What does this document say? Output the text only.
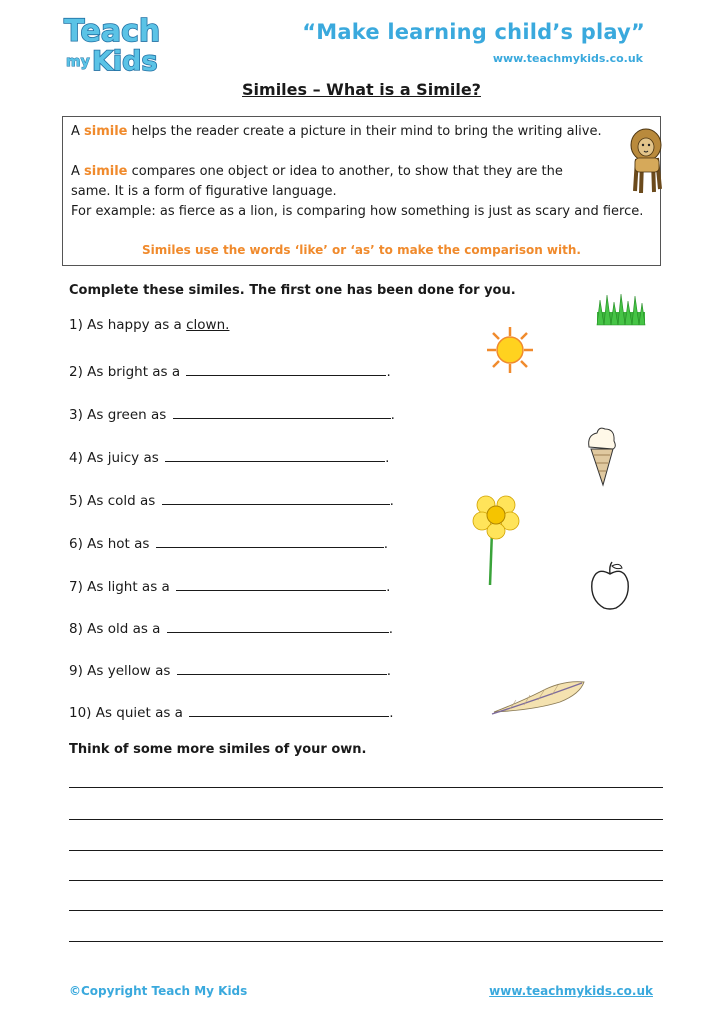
Teach
my Kids
“Make learning child’s play”
www.teachmykids.co.uk
Similes – What is a Simile?
A simile helps the reader create a picture in their mind to bring the writing alive.
A simile compares one object or idea to another, to show that they are the
same. It is a form of figurative language.
For example: as fierce as a lion, is comparing how something is just as scary and fierce.
Similes use the words ‘like’ or ‘as’ to make the comparison with.
Complete these similes. The first one has been done for you.
1) As happy as a clown.
2) As bright as a	.
3) As green as	.
4) As juicy as	.
5) As cold as	.
6) As hot as	.
7) As light as a	.
8) As old as a	.
9) As yellow as	.
10) As quiet as a	.
Think of some more similes of your own.
©Copyright Teach My Kids	www.teachmykids.co.uk
